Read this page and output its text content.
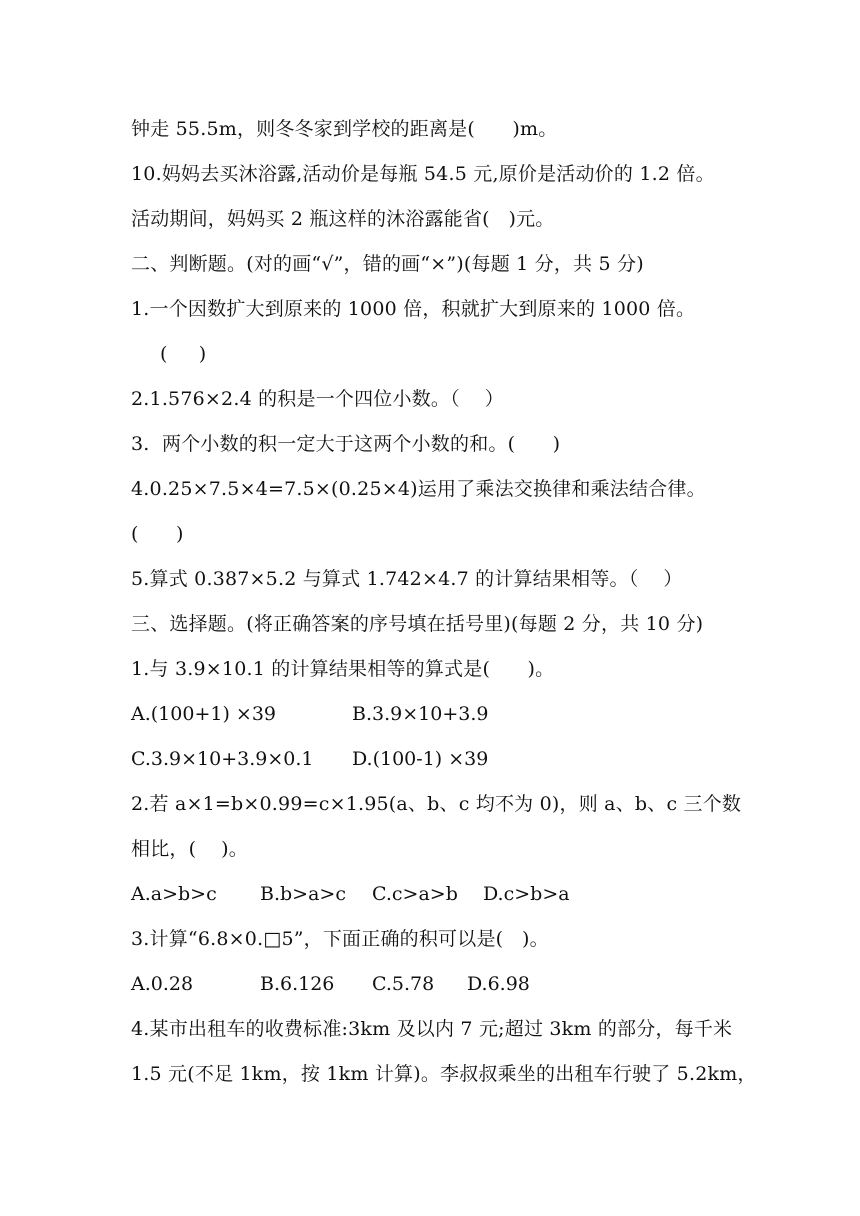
钟走 55.5m，则冬冬家到学校的距离是(      )m。
10.妈妈去买沐浴露,活动价是每瓶 54.5 元,原价是活动价的 1.2 倍。
活动期间，妈妈买 2 瓶这样的沐浴露能省(   )元。
二、判断题。(对的画“√”，错的画“×”)(每题 1 分，共 5 分)
1.一个因数扩大到原来的 1000 倍，积就扩大到原来的 1000 倍。
(     )
2.1.576×2.4 的积是一个四位小数。（    ）
3.  两个小数的积一定大于这两个小数的和。(      )
4.0.25×7.5×4=7.5×(0.25×4)运用了乘法交换律和乘法结合律。
(      )
5.算式 0.387×5.2 与算式 1.742×4.7 的计算结果相等。（    ）
三、选择题。(将正确答案的序号填在括号里)(每题 2 分，共 10 分)
1.与 3.9×10.1 的计算结果相等的算式是(      )。
A.(100+1) ×39	B.3.9×10+3.9
C.3.9×10+3.9×0.1 D.(100-1) ×39
2.若 a×1=b×0.99=c×1.95(a、b、c 均不为 0)，则 a、b、c 三个数
相比，(    )。
A.a>b>c B.b>a>c C.c>a>b D.c>b>a
3.计算“6.8×0.□5”，下面正确的积可以是(   )。
A.0.28	B.6.126 C.5.78 D.6.98
4.某市出租车的收费标准:3km 及以内 7 元;超过 3km 的部分，每千米
1.5 元(不足 1km，按 1km 计算)。李叔叔乘坐的出租车行驶了 5.2km，
